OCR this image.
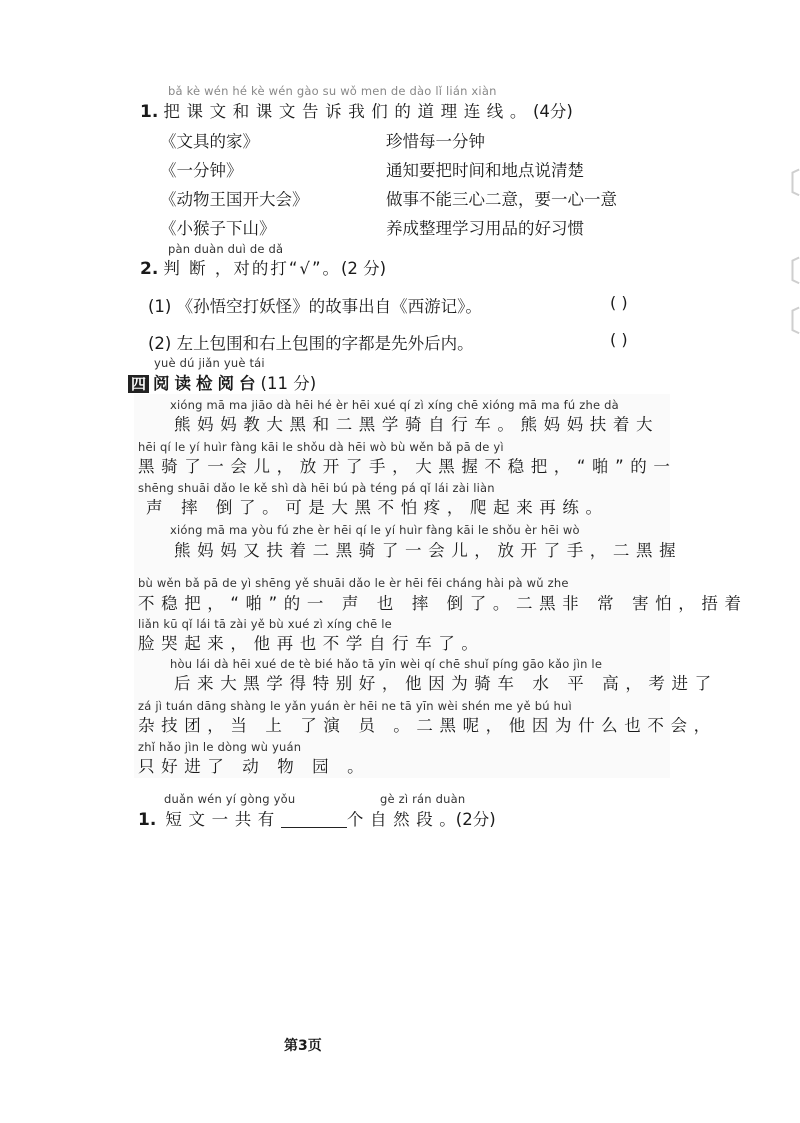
bǎ kè wén hé kè wén gào su wǒ men de dào lǐ lián xiàn
1. 把课文和课文告诉我们的道理连线。(4分)
《文具的家》
《一分钟》
《动物王国开大会》
《小猴子下山》
珍惜每一分钟
通知要把时间和地点说清楚
做事不能三心二意，要一心一意
养成整理学习用品的好习惯
〔
〔
〔
pàn duàn duì de dǎ
2. 判 断 ，对的打“√”。(2 分)
(1) 《孙悟空打妖怪》的故事出自《西游记》。	( )
(2) 左上包围和右上包围的字都是先外后内。	( )
yuè dú jiǎn yuè tái
四 阅读检阅台(11 分)
xióng mā ma jiāo dà hēi hé èr hēi xué qí zì xíng chē xióng mā ma fú zhe dà
熊妈妈教大黑和二黑学骑自行车。熊妈妈扶着大
hēi qí le yí huìr fàng kāi le shǒu dà hēi wò bù wěn bǎ pā de yì
黑骑了一会儿，放开了手，大黑握不稳把，“啪”的一
shēng shuāi dǎo le kě shì dà hēi bú pà téng pá qǐ lái zài liàn
声 摔 倒了。可是大黑不怕疼，爬起来再练。
xióng mā ma yòu fú zhe èr hēi qí le yí huìr fàng kāi le shǒu èr hēi wò
熊妈妈又扶着二黑骑了一会儿，放开了手，二黑握
bù wěn bǎ pā de yì shēng yě shuāi dǎo le èr hēi fēi cháng hài pà wǔ zhe
不稳把，“啪”的一 声 也 摔 倒了。二黑非 常 害怕，捂着
liǎn kū qǐ lái tā zài yě bù xué zì xíng chē le
脸哭起来，他再也不学自行车了。
hòu lái dà hēi xué de tè bié hǎo tā yīn wèi qí chē shuǐ píng gāo kǎo jìn le
后来大黑学得特别好，他因为骑车 水 平 高，考进了
zá jì tuán dāng shàng le yǎn yuán èr hēi ne tā yīn wèi shén me yě bú huì
杂技团，当 上 了演 员 。二黑呢，他因为什么也不会，
zhǐ hǎo jìn le dòng wù yuán
只好进了 动 物 园 。
duǎn wén yí gòng yǒu	gè zì rán duàn
1. 短文一共有	个自然段。(2分)
第3页
